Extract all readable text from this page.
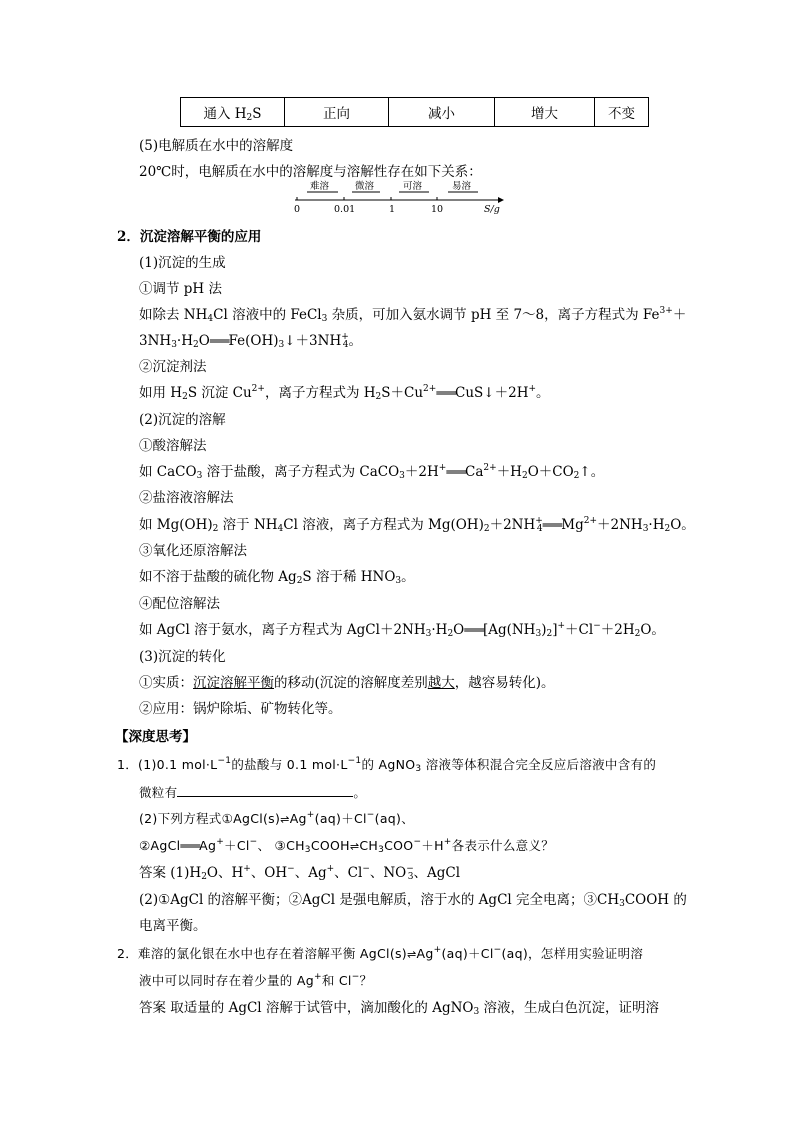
通入 $H_2S$	正向	减小	增大	不变
(5)电解质在水中的溶解度
20℃时，电解质在水中的溶解度与溶解性存在如下关系：
难溶	微溶	可溶	易溶
0	0.01	1	10	S/g
2．沉淀溶解平衡的应用
(1)沉淀的生成
①调节 pH 法
如除去 $NH_4Cl$ 溶液中的 FeCl$_3$ 杂质，可加入氨水调节 pH 至 7～8，离子方程式为 $Fe^{3+}+$
$3NH_3\cdot H_2O═══Fe(OH)_3↓+3NH^+_4$。
②沉淀剂法
如用 $H_2S$ 沉淀 $Cu^{2+}$，离子方程式为 $H_2S+Cu^{2+}═══CuS↓+2H^+$。
(2)沉淀的溶解
①酸溶解法
如 CaCO$_3$ 溶于盐酸，离子方程式为 $CaCO_3+2H^+═══Ca^{2+}+H_2O+CO_2↑$。
②盐溶液溶解法
如 $Mg(OH)_2$ 溶于 $NH_4Cl$ 溶液，离子方程式为 $Mg(OH)_2+2NH^+_4═══Mg^{2+}+2NH_3\cdot H_2O$。
③氧化还原溶解法
如不溶于盐酸的硫化物 $Ag_2S$ 溶于稀 $HNO_3$。
④配位溶解法
如 AgCl 溶于氨水，离子方程式为 $AgCl+2NH_3\cdot H_2O═══[Ag(NH_3)_2]^++Cl^-+2H_2O$。
(3)沉淀的转化
①实质：沉淀溶解平衡的移动(沉淀的溶解度差别越大，越容易转化)。
②应用：锅炉除垢、矿物转化等。
【深度思考】
1．(1)0.1 $mol\cdot L^{-1}$的盐酸与 0.1 $mol\cdot L^{-1}$的 AgNO$_3$ 溶液等体积混合完全反应后溶液中含有的
微粒有	。
(2)下列方程式①AgCl(s)⇌Ag+(aq)＋Cl−(aq)、
②AgCl═══Ag+＋Cl−、 $③CH_3COOH\rightleftharpoons CH_3COO^-+H^+$各表示什么意义？
答案 $(1)H_2O$、H+、OH−、Ag+、Cl−、$NO^-_3$、AgCl
(2)①AgCl 的溶解平衡；②AgCl 是强电解质，溶于水的 AgCl 完全电离；$③CH_3COOH$ 的
电离平衡。
2．难溶的氯化银在水中也存在着溶解平衡 AgCl(s)⇌Ag+(aq)＋Cl−(aq)，怎样用实验证明溶
液中可以同时存在着少量的 Ag+和 Cl−？
答案 取适量的 AgCl 溶解于试管中，滴加酸化的 AgNO$_3$ 溶液，生成白色沉淀，证明溶
